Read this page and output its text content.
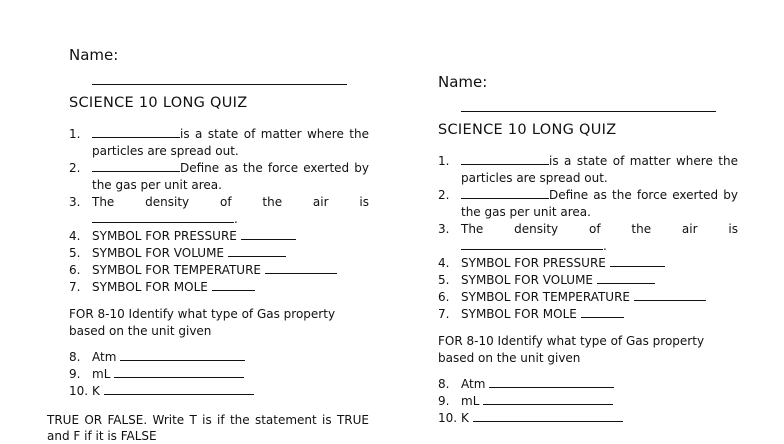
Name:
SCIENCE 10 LONG QUIZ
1.	is a state of matter where the particles are spread out.
2.	Define as the force exerted by the gas per unit area.
3. The	density	of	the	air	is
.
4. SYMBOL FOR PRESSURE
5. SYMBOL FOR VOLUME
6. SYMBOL FOR TEMPERATURE
7. SYMBOL FOR MOLE
FOR 8-10 Identify what type of Gas property based on the unit given
8. Atm
9. mL
10. K
TRUE OR FALSE. Write T is if the statement is TRUE and F if it is FALSE
Name:
SCIENCE 10 LONG QUIZ
1.	is a state of matter where the particles are spread out.
2.	Define as the force exerted by the gas per unit area.
3. The	density	of	the	air	is
.
4. SYMBOL FOR PRESSURE
5. SYMBOL FOR VOLUME
6. SYMBOL FOR TEMPERATURE
7. SYMBOL FOR MOLE
FOR 8-10 Identify what type of Gas property based on the unit given
8. Atm
9. mL
10. K
